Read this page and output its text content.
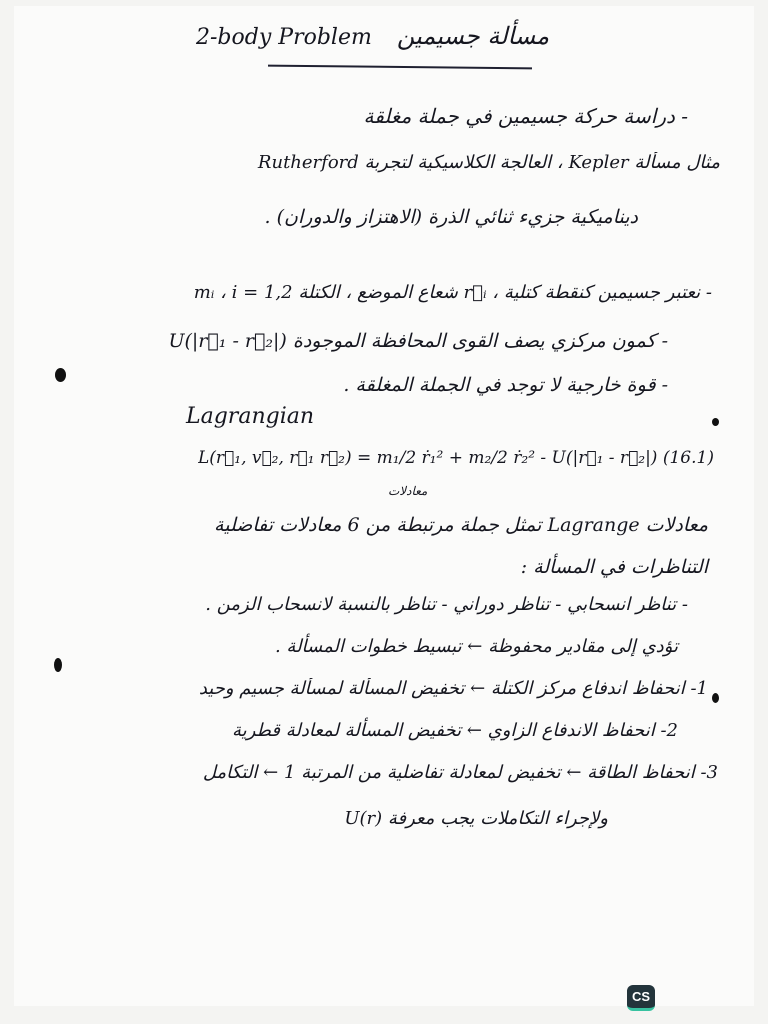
2-body Problem مسألة جسيمين
- دراسة حركة جسيمين في جملة مغلقة
مثال مسألة Kepler ، العالجة الكلاسيكية لتجربة Rutherford
ديناميكية جزيء ثنائي الذرة (الاهتزاز والدوران) .
- نعتبر جسيمين كنقطة كتلية ، r⃗ᵢ شعاع الموضع ، الكتلة mᵢ ، i = 1,2
- كمون مركزي يصف القوى المحافظة الموجودة U(|r⃗₁ - r⃗₂|)
- قوة خارجية لا توجد في الجملة المغلقة .
Lagrangian
L(r⃗₁, v⃗₂, r⃗₁ r⃗₂) = m₁/2 ṙ₁² + m₂/2 ṙ₂² - U(|r⃗₁ - r⃗₂|) (16.1)
معادلات
معادلات Lagrange تمثل جملة مرتبطة من 6 معادلات تفاضلية
التناظرات في المسألة :
- تناظر انسحابي - تناظر دوراني - تناظر بالنسبة لانسحاب الزمن .
تؤدي إلى مقادير محفوظة ← تبسيط خطوات المسألة .
1- انحفاظ اندفاع مركز الكتلة ← تخفيض المسألة لمسألة جسيم وحيد
2- انحفاظ الاندفاع الزاوي ← تخفيض المسألة لمعادلة قطرية
3- انحفاظ الطاقة ← تخفيض لمعادلة تفاضلية من المرتبة 1 ← التكامل
ولإجراء التكاملات يجب معرفة U(r)
CS
